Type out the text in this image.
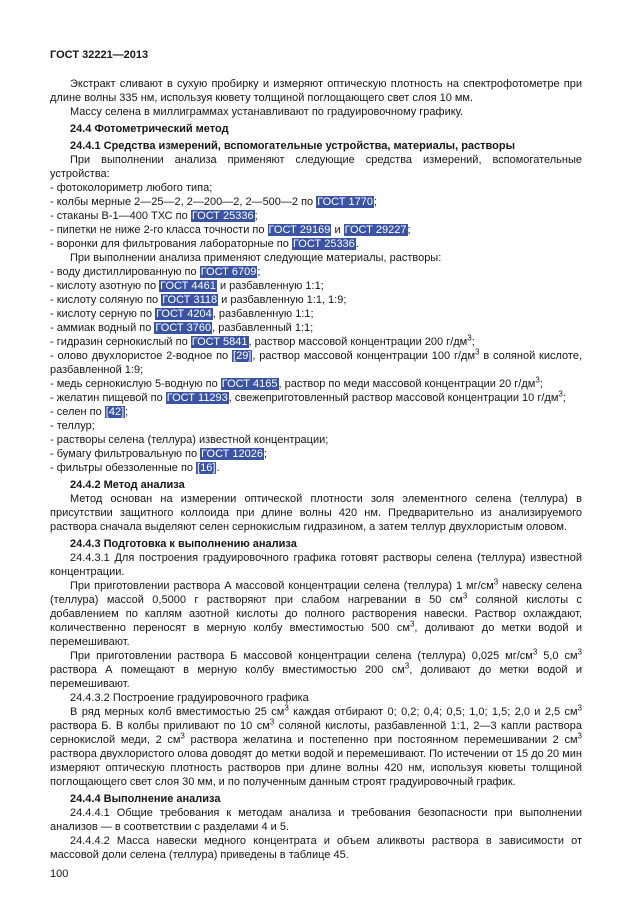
ГОСТ 32221—2013

Экстракт сливают в сухую пробирку и измеряют оптическую плотность на спектрофотометре при длине волны 335 нм, используя кювету толщиной поглощающего свет слоя 10 мм.

Массу селена в миллиграммах устанавливают по градуировочному графику.

24.4 Фотометрический метод

24.4.1 Средства измерений, вспомогательные устройства, материалы, растворы

При выполнении анализа применяют следующие средства измерений, вспомогательные устройства:

- фотоколориметр любого типа;

- колбы мерные 2—25—2, 2—200—2, 2—500—2 по ГОСТ 1770;

- стаканы В-1—400 ТХС по ГОСТ 25336;

- пипетки не ниже 2-го класса точности по ГОСТ 29169 и ГОСТ 29227;

- воронки для фильтрования лабораторные по ГОСТ 25336.

При выполнении анализа применяют следующие материалы, растворы:

- воду дистиллированную по ГОСТ 6709;

- кислоту азотную по ГОСТ 4461 и разбавленную 1:1;

- кислоту соляную по ГОСТ 3118 и разбавленную 1:1, 1:9;

- кислоту серную по ГОСТ 4204, разбавленную 1:1;

- аммиак водный по ГОСТ 3760, разбавленный 1:1;

- гидразин сернокислый по ГОСТ 5841, раствор массовой концентрации 200 $г/дм^3$;

- олово двухлористое 2-водное по [29], раствор массовой концентрации 100 $г/дм^3$ в соляной кислоте, разбавленной 1:9;

- медь сернокислую 5-водную по ГОСТ 4165, раствор по меди массовой концентрации 20 $г/дм^3$;

- желатин пищевой по ГОСТ 11293, свежеприготовленный раствор массовой концентрации 10 $г/дм^3$;

- селен по [42];

- теллур;

- растворы селена (теллура) известной концентрации;

- бумагу фильтровальную по ГОСТ 12026;

- фильтры обеззоленные по [16].

24.4.2 Метод анализа

Метод основан на измерении оптической плотности золя элементного селена (теллура) в присутствии защитного коллоида при длине волны 420 нм. Предварительно из анализируемого раствора сначала выделяют селен сернокислым гидразином, а затем теллур двухлористым оловом.

24.4.3 Подготовка к выполнению анализа

24.4.3.1 Для построения градуировочного графика готовят растворы селена (теллура) известной концентрации.

При приготовлении раствора А массовой концентрации селена (теллура) 1 $мг/см^3$ навеску селена (теллура) массой 0,5000 г растворяют при слабом нагревании в 50 $см^3$ соляной кислоты с добавлением по каплям азотной кислоты до полного растворения навески. Раствор охлаждают, количественно переносят в мерную колбу вместимостью 500 $см^3$, доливают до метки водой и перемешивают.

При приготовлении раствора Б массовой концентрации селена (теллура) 0,025 $мг/см^3$ 5,0 $см^3$ раствора А помещают в мерную колбу вместимостью 200 $см^3$, доливают до метки водой и перемешивают.

24.4.3.2 Построение градуировочного графика

В ряд мерных колб вместимостью 25 $см^3$ каждая отбирают 0; 0,2; 0,4; 0,5; 1,0; 1,5; 2,0 и 2,5 $см^3$ раствора Б. В колбы приливают по 10 $см^3$ соляной кислоты, разбавленной 1:1, 2—3 капли раствора сернокислой меди, 2 $см^3$ раствора желатина и постепенно при постоянном перемешивании 2 $см^3$ раствора двухлористого олова доводят до метки водой и перемешивают. По истечении от 15 до 20 мин измеряют оптическую плотность растворов при длине волны 420 нм, используя кюветы толщиной поглощающего свет слоя 30 мм, и по полученным данным строят градуировочный график.

24.4.4 Выполнение анализа

24.4.4.1 Общие требования к методам анализа и требования безопасности при выполнении анализов — в соответствии с разделами 4 и 5.

24.4.4.2 Масса навески медного концентрата и объем аликвоты раствора в зависимости от массовой доли селена (теллура) приведены в таблице 45.

100
